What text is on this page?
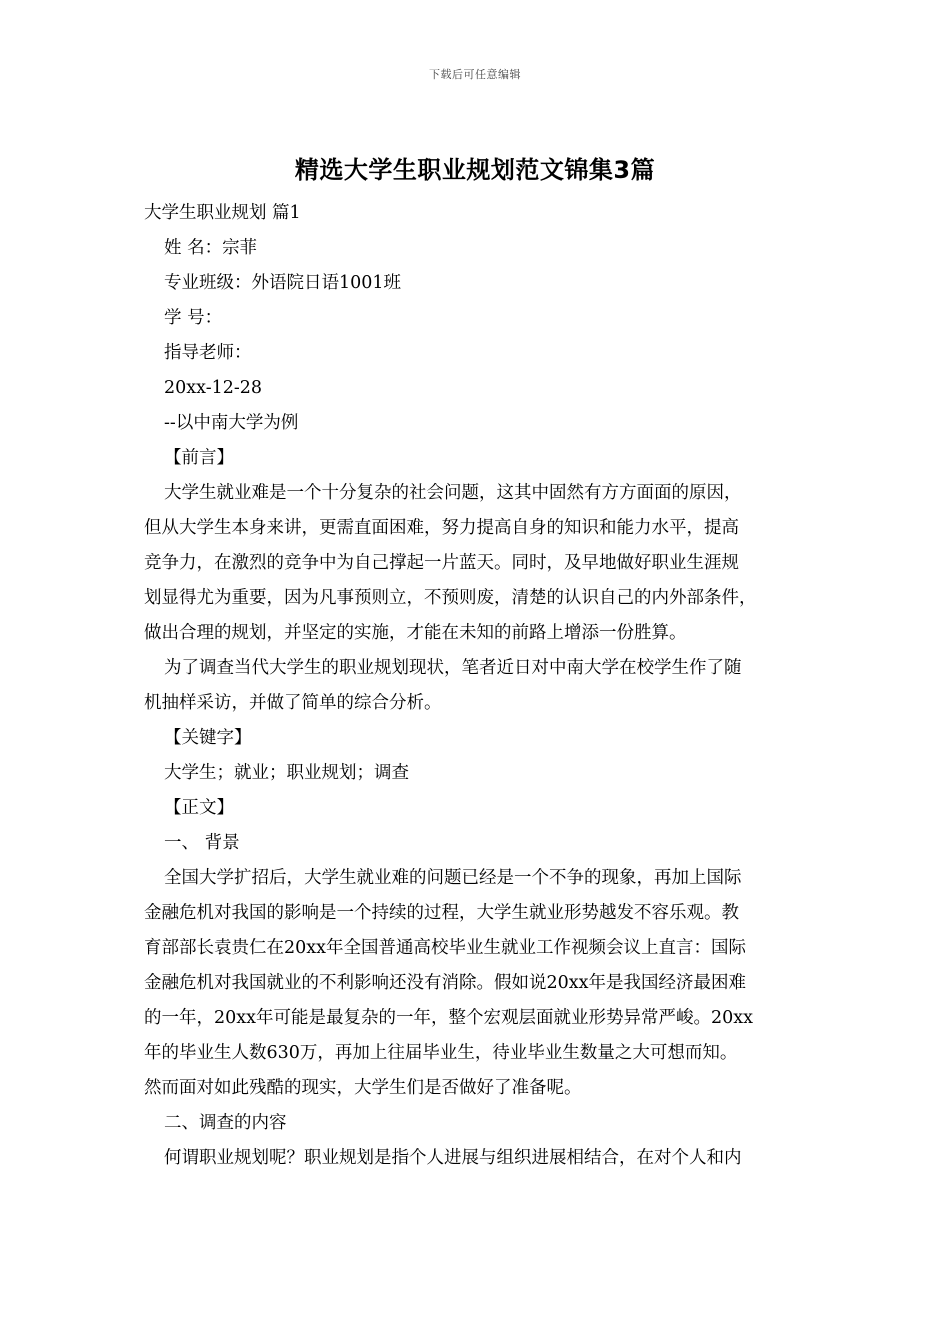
下载后可任意编辑
精选大学生职业规划范文锦集3篇
大学生职业规划 篇1
姓 名：宗菲
专业班级：外语院日语1001班
学 号：
指导老师：
20xx-12-28
--以中南大学为例
【前言】
大学生就业难是一个十分复杂的社会问题，这其中固然有方方面面的原因，
但从大学生本身来讲，更需直面困难，努力提高自身的知识和能力水平，提高
竞争力，在激烈的竞争中为自己撑起一片蓝天。同时，及早地做好职业生涯规
划显得尤为重要，因为凡事预则立，不预则废，清楚的认识自己的内外部条件，
做出合理的规划，并坚定的实施，才能在未知的前路上增添一份胜算。
为了调查当代大学生的职业规划现状，笔者近日对中南大学在校学生作了随
机抽样采访，并做了简单的综合分析。
【关键字】
大学生；就业；职业规划；调查
【正文】
一、 背景
全国大学扩招后，大学生就业难的问题已经是一个不争的现象，再加上国际
金融危机对我国的影响是一个持续的过程，大学生就业形势越发不容乐观。教
育部部长袁贵仁在20xx年全国普通高校毕业生就业工作视频会议上直言：国际
金融危机对我国就业的不利影响还没有消除。假如说20xx年是我国经济最困难
的一年，20xx年可能是最复杂的一年，整个宏观层面就业形势异常严峻。20xx
年的毕业生人数630万，再加上往届毕业生，待业毕业生数量之大可想而知。
然而面对如此残酷的现实，大学生们是否做好了准备呢。
二、调查的内容
何谓职业规划呢？职业规划是指个人进展与组织进展相结合，在对个人和内
